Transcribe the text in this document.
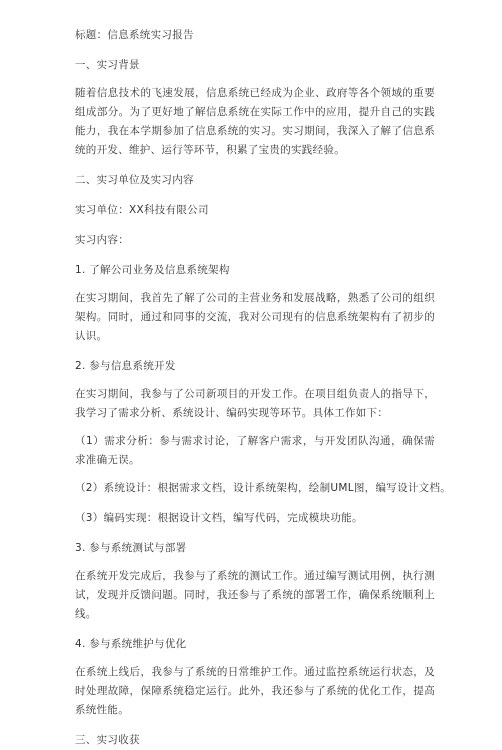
标题：信息系统实习报告
一、实习背景

随着信息技术的飞速发展，信息系统已经成为企业、政府等各个领域的重要组成部分。为了更好地了解信息系统在实际工作中的应用，提升自己的实践能力，我在本学期参加了信息系统的实习。实习期间，我深入了解了信息系统的开发、维护、运行等环节，积累了宝贵的实践经验。

二、实习单位及实习内容
实习单位：XX科技有限公司
实习内容：
1. 了解公司业务及信息系统架构

在实习期间，我首先了解了公司的主营业务和发展战略，熟悉了公司的组织架构。同时，通过和同事的交流，我对公司现有的信息系统架构有了初步的认识。

2. 参与信息系统开发

在实习期间，我参与了公司新项目的开发工作。在项目组负责人的指导下，我学习了需求分析、系统设计、编码实现等环节。具体工作如下：

（1）需求分析：参与需求讨论，了解客户需求，与开发团队沟通，确保需求准确无误。

（2）系统设计：根据需求文档，设计系统架构，绘制UML图，编写设计文档。
（3）编码实现：根据设计文档，编写代码，完成模块功能。
3. 参与系统测试与部署

在系统开发完成后，我参与了系统的测试工作。通过编写测试用例，执行测试，发现并反馈问题。同时，我还参与了系统的部署工作，确保系统顺利上线。

4. 参与系统维护与优化

在系统上线后，我参与了系统的日常维护工作。通过监控系统运行状态，及时处理故障，保障系统稳定运行。此外，我还参与了系统的优化工作，提高系统性能。

三、实习收获
